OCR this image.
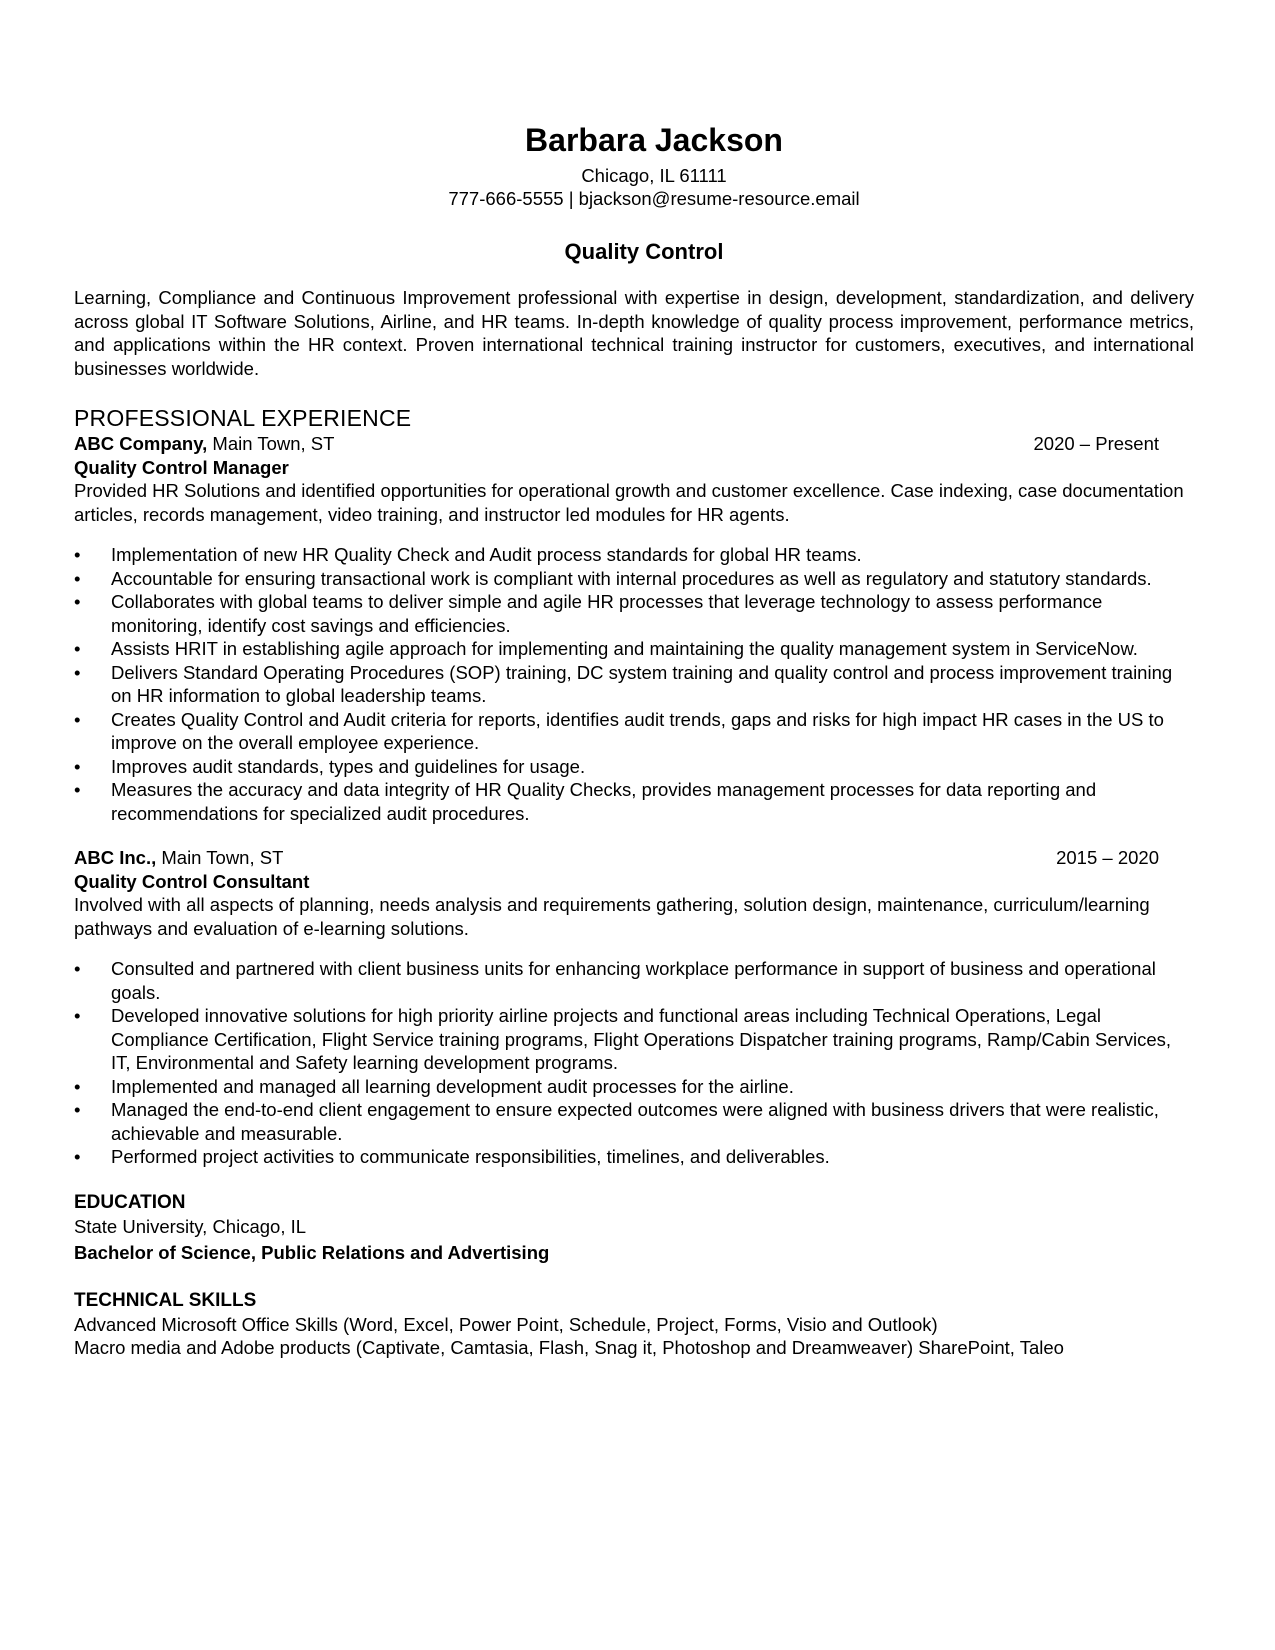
Barbara Jackson
Chicago, IL 61111
777-666-5555 | bjackson@resume-resource.email
Quality Control
Learning, Compliance and Continuous Improvement professional with expertise in design, development, standardization, and delivery across global IT Software Solutions, Airline, and HR teams. In-depth knowledge of quality process improvement, performance metrics, and applications within the HR context. Proven international technical training instructor for customers, executives, and international businesses worldwide.
PROFESSIONAL EXPERIENCE
ABC Company, Main Town, ST	2020 – Present
Quality Control Manager
Provided HR Solutions and identified opportunities for operational growth and customer excellence. Case indexing, case documentation articles, records management, video training, and instructor led modules for HR agents.
• Implementation of new HR Quality Check and Audit process standards for global HR teams.
• Accountable for ensuring transactional work is compliant with internal procedures as well as regulatory and statutory standards.
• Collaborates with global teams to deliver simple and agile HR processes that leverage technology to assess performance monitoring, identify cost savings and efficiencies.
• Assists HRIT in establishing agile approach for implementing and maintaining the quality management system in ServiceNow.
• Delivers Standard Operating Procedures (SOP) training, DC system training and quality control and process improvement training on HR information to global leadership teams.
• Creates Quality Control and Audit criteria for reports, identifies audit trends, gaps and risks for high impact HR cases in the US to improve on the overall employee experience.
• Improves audit standards, types and guidelines for usage.
• Measures the accuracy and data integrity of HR Quality Checks, provides management processes for data reporting and recommendations for specialized audit procedures.
ABC Inc., Main Town, ST	2015 – 2020
Quality Control Consultant
Involved with all aspects of planning, needs analysis and requirements gathering, solution design, maintenance, curriculum/learning pathways and evaluation of e-learning solutions.
• Consulted and partnered with client business units for enhancing workplace performance in support of business and operational goals.
• Developed innovative solutions for high priority airline projects and functional areas including Technical Operations, Legal Compliance Certification, Flight Service training programs, Flight Operations Dispatcher training programs, Ramp/Cabin Services, IT, Environmental and Safety learning development programs.
• Implemented and managed all learning development audit processes for the airline.
• Managed the end-to-end client engagement to ensure expected outcomes were aligned with business drivers that were realistic, achievable and measurable.
• Performed project activities to communicate responsibilities, timelines, and deliverables.
EDUCATION
State University, Chicago, IL
Bachelor of Science, Public Relations and Advertising
TECHNICAL SKILLS
Advanced Microsoft Office Skills (Word, Excel, Power Point, Schedule, Project, Forms, Visio and Outlook)
Macro media and Adobe products (Captivate, Camtasia, Flash, Snag it, Photoshop and Dreamweaver) SharePoint, Taleo
